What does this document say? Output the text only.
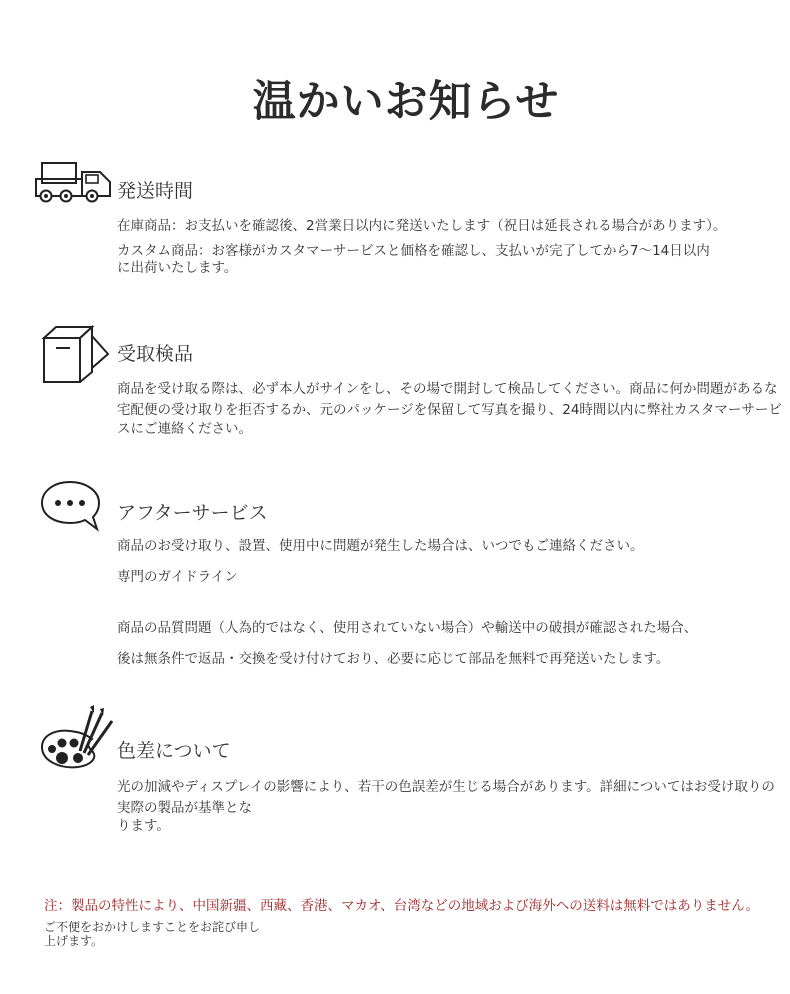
温かいお知らせ
発送時間
在庫商品：お支払いを確認後、2営業日以内に発送いたします（祝日は延長される場合があります）。
カスタム商品：お客様がカスタマーサービスと価格を確認し、支払いが完了してから7〜14日以内
に出荷いたします。
受取検品
商品を受け取る際は、必ず本人がサインをし、その場で開封して検品してください。商品に何か問題があるな
宅配便の受け取りを拒否するか、元のパッケージを保留して写真を撮り、24時間以内に弊社カスタマーサービ
スにご連絡ください。
アフターサービス
商品のお受け取り、設置、使用中に問題が発生した場合は、いつでもご連絡ください。
専門のガイドライン
商品の品質問題（人為的ではなく、使用されていない場合）や輸送中の破損が確認された場合、
後は無条件で返品・交換を受け付けており、必要に応じて部品を無料で再発送いたします。
色差について
光の加減やディスプレイの影響により、若干の色誤差が生じる場合があります。詳細についてはお受け取りの
実際の製品が基準とな
ります。
注：製品の特性により、中国新疆、西藏、香港、マカオ、台湾などの地域および海外への送料は無料ではありません。
ご不便をおかけしますことをお詫び申し
上げます。
